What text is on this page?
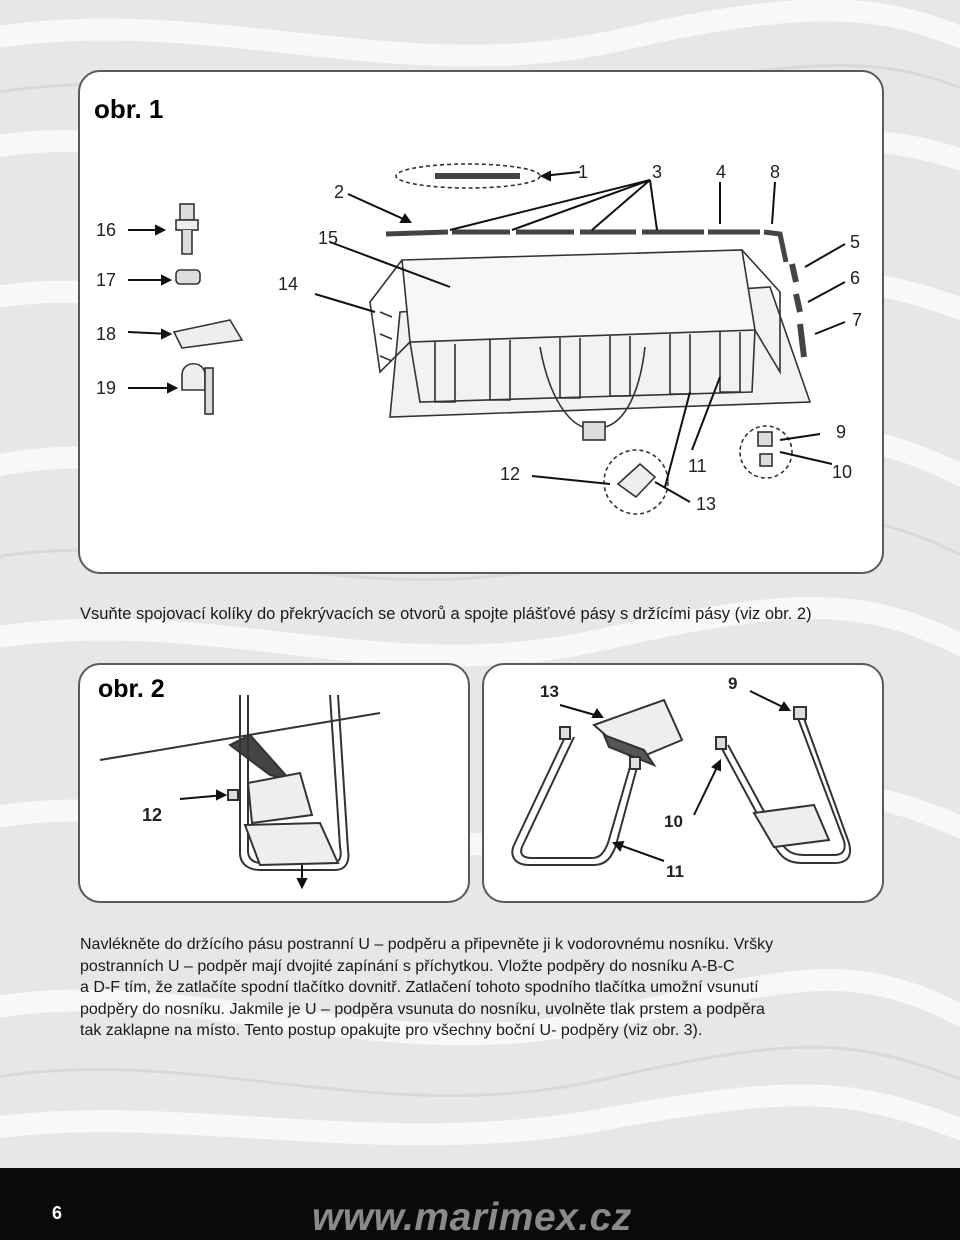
obr. 1
1
2
3	4 8
5
6
7
9
10
11
12
13
14
15
16
17
18
19
Vsuňte spojovací kolíky do překrývacích se otvorů a spojte plášťové pásy s držícími pásy (viz obr. 2)
obr. 2
12
13	9
10
11
Navlékněte do držícího pásu postranní U – podpěru a připevněte ji k vodorovnému nosníku. Vršky
postranních U – podpěr mají dvojité zapínání s příchytkou. Vložte podpěry do nosníku A-B-C
a D-F tím, že zatlačíte spodní tlačítko dovnitř. Zatlačení tohoto spodního tlačítka umožní vsunutí
podpěry do nosníku. Jakmile je U – podpěra vsunuta do nosníku, uvolněte tlak prstem a podpěra
tak zaklapne na místo. Tento postup opakujte pro všechny boční U- podpěry (viz obr. 3).
6	www.marimex.cz
